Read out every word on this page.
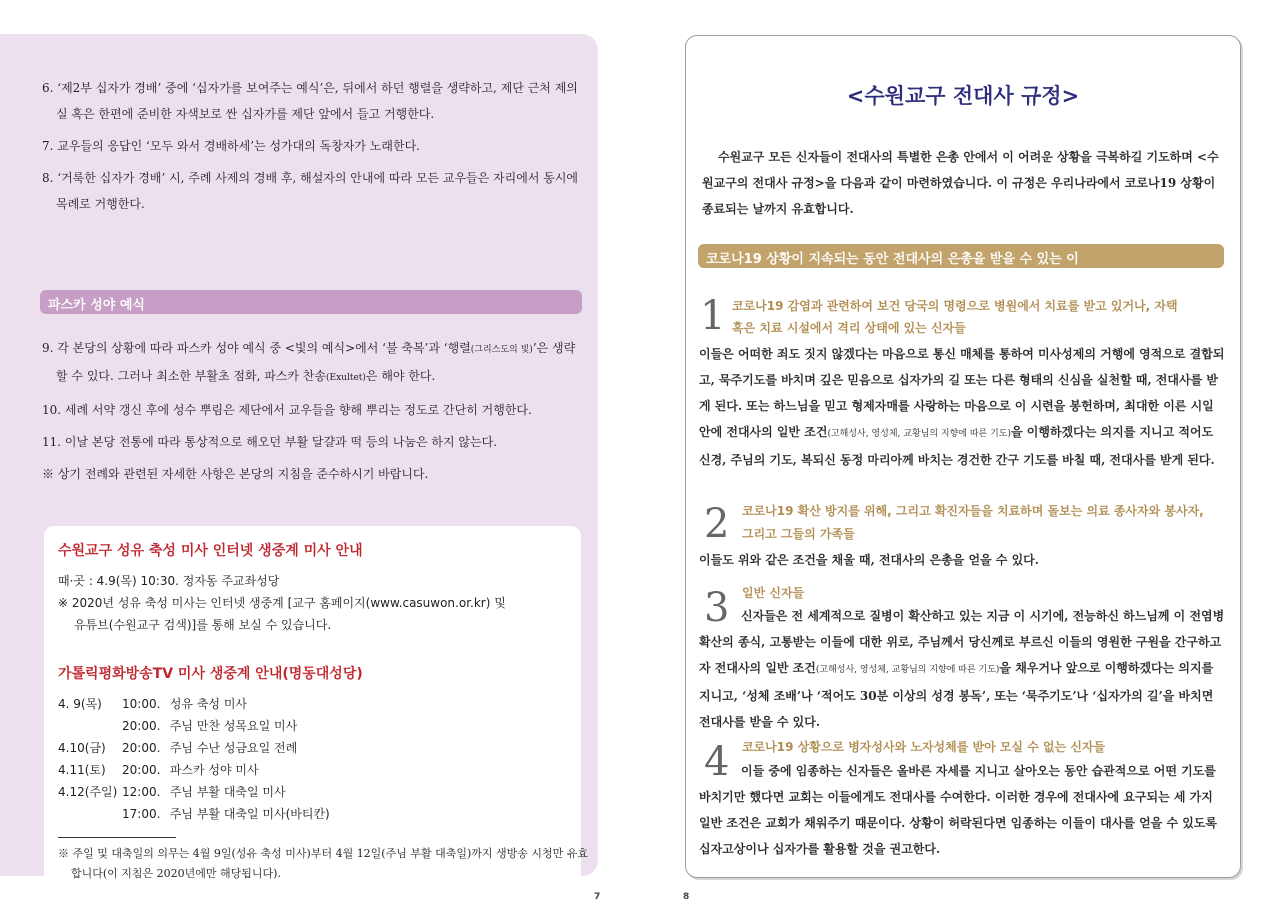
6. ‘제2부 십자가 경배’ 중에 ‘십자가를 보여주는 예식’은, 뒤에서 하던 행렬을 생략하고, 제단 근처 제의실 혹은 한편에 준비한 자색보로 싼 십자가를 제단 앞에서 들고 거행한다.
7. 교우들의 응답인 ‘모두 와서 경배하세’는 성가대의 독창자가 노래한다.
8. ‘거룩한 십자가 경배’ 시, 주례 사제의 경배 후, 해설자의 안내에 따라 모든 교우들은 자리에서 동시에 목례로 거행한다.
파스카 성야 예식
9. 각 본당의 상황에 따라 파스카 성야 예식 중 <빛의 예식>에서 ‘불 축복’과 ‘행렬(그리스도의 빛)’은 생략할 수 있다. 그러나 최소한 부활초 점화, 파스카 찬송(Exultet)은 해야 한다.
10. 세례 서약 갱신 후에 성수 뿌림은 제단에서 교우들을 향해 뿌리는 정도로 간단히 거행한다.
11. 이날 본당 전통에 따라 통상적으로 해오던 부활 달걀과 떡 등의 나눔은 하지 않는다.
※ 상기 전례와 관련된 자세한 사항은 본당의 지침을 준수하시기 바랍니다.
수원교구 성유 축성 미사 인터넷 생중계 미사 안내
때·곳 : 4.9(목) 10:30. 정자동 주교좌성당
※ 2020년 성유 축성 미사는 인터넷 생중계 [교구 홈페이지(www.casuwon.or.kr) 및
유튜브(수원교구 검색)]를 통해 보실 수 있습니다.
가톨릭평화방송TV 미사 생중계 안내(명동대성당)
4. 9(목) 10:00. 성유 축성 미사
20:00. 주님 만찬 성목요일 미사
4.10(금) 20:00. 주님 수난 성금요일 전례
4.11(토) 20:00. 파스카 성야 미사
4.12(주일) 12:00. 주님 부활 대축일 미사
17:00. 주님 부활 대축일 미사(바티칸)
※ 주일 및 대축일의 의무는 4월 9일(성유 축성 미사)부터 4월 12일(주님 부활 대축일)까지 생방송 시청만 유효합니다(이 지침은 2020년에만 해당됩니다).
7
<수원교구 전대사 규정>
수원교구 모든 신자들이 전대사의 특별한 은총 안에서 이 어려운 상황을 극복하길 기도하며 <수원교구의 전대사 규정>을 다음과 같이 마련하였습니다. 이 규정은 우리나라에서 코로나19 상황이 종료되는 날까지 유효합니다.
코로나19 상황이 지속되는 동안 전대사의 은총을 받을 수 있는 이
1 코로나19 감염과 관련하여 보건 당국의 명령으로 병원에서 치료를 받고 있거나, 자택
혹은 치료 시설에서 격리 상태에 있는 신자들
이들은 어떠한 죄도 짓지 않겠다는 마음으로 통신 매체를 통하여 미사성제의 거행에 영적으로 결합되고, 묵주기도를 바치며 깊은 믿음으로 십자가의 길 또는 다른 형태의 신심을 실천할 때, 전대사를 받게 된다. 또는 하느님을 믿고 형제자매를 사랑하는 마음으로 이 시련을 봉헌하며, 최대한 이른 시일 안에 전대사의 일반 조건(고해성사, 영성체, 교황님의 지향에 따른 기도)을 이행하겠다는 의지를 지니고 적어도 신경, 주님의 기도, 복되신 동정 마리아께 바치는 경건한 간구 기도를 바칠 때, 전대사를 받게 된다.
2 코로나19 확산 방지를 위해, 그리고 확진자들을 치료하며 돌보는 의료 종사자와 봉사자,
그리고 그들의 가족들
이들도 위와 같은 조건을 채울 때, 전대사의 은총을 얻을 수 있다.
3 일반 신자들
신자들은 전 세계적으로 질병이 확산하고 있는 지금 이 시기에, 전능하신 하느님께 이 전염병 확산의 종식, 고통받는 이들에 대한 위로, 주님께서 당신께로 부르신 이들의 영원한 구원을 간구하고자 전대사의 일반 조건(고해성사, 영성체, 교황님의 지향에 따른 기도)을 채우거나 앞으로 이행하겠다는 의지를 지니고, ‘성체 조배’나 ‘적어도 30분 이상의 성경 봉독’, 또는 ‘묵주기도’나 ‘십자가의 길’을 바치면 전대사를 받을 수 있다.
4 코로나19 상황으로 병자성사와 노자성체를 받아 모실 수 없는 신자들
이들 중에 임종하는 신자들은 올바른 자세를 지니고 살아오는 동안 습관적으로 어떤 기도를 바치기만 했다면 교회는 이들에게도 전대사를 수여한다. 이러한 경우에 전대사에 요구되는 세 가지 일반 조건은 교회가 채워주기 때문이다. 상황이 허락된다면 임종하는 이들이 대사를 얻을 수 있도록 십자고상이나 십자가를 활용할 것을 권고한다.
8
